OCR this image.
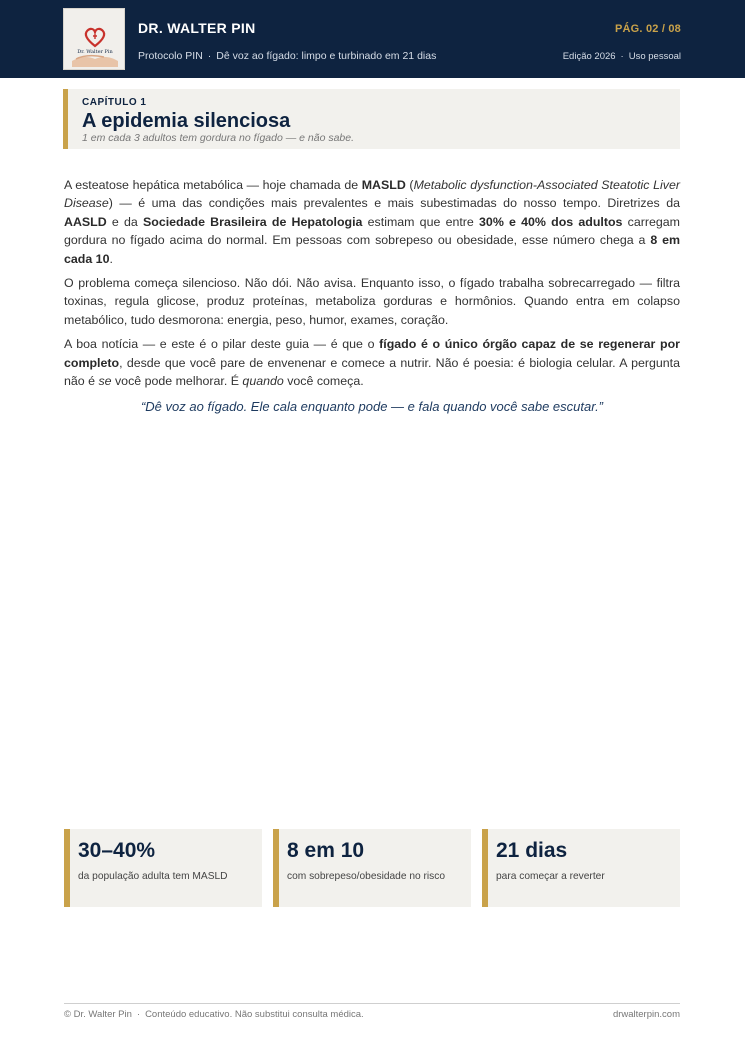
Dr. Walter Pin
DR. WALTER PIN
Protocolo PIN · Dê voz ao fígado: limpo e turbinado em 21 dias
PÁG. 02 / 08
Edição 2026 · Uso pessoal
CAPÍTULO 1
A epidemia silenciosa
1 em cada 3 adultos tem gordura no fígado — e não sabe.

A esteatose hepática metabólica — hoje chamada de MASLD (Metabolic dysfunction-Associated Steatotic Liver Disease) — é uma das condições mais prevalentes e mais subestimadas do nosso tempo. Diretrizes da AASLD e da Sociedade Brasileira de Hepatologia estimam que entre 30% e 40% dos adultos carregam gordura no fígado acima do normal. Em pessoas com sobrepeso ou obesidade, esse número chega a 8 em cada 10.

O problema começa silencioso. Não dói. Não avisa. Enquanto isso, o fígado trabalha sobrecarregado — filtra toxinas, regula glicose, produz proteínas, metaboliza gorduras e hormônios. Quando entra em colapso metabólico, tudo desmorona: energia, peso, humor, exames, coração.

A boa notícia — e este é o pilar deste guia — é que o fígado é o único órgão capaz de se regenerar por completo, desde que você pare de envenenar e comece a nutrir. Não é poesia: é biologia celular. A pergunta não é se você pode melhorar. É quando você começa.

“Dê voz ao fígado. Ele cala enquanto pode — e fala quando você sabe escutar.”
30–40%
da população adulta tem MASLD
8 em 10
com sobrepeso/obesidade no risco
21 dias
para começar a reverter
© Dr. Walter Pin · Conteúdo educativo. Não substitui consulta médica.	drwalterpin.com
